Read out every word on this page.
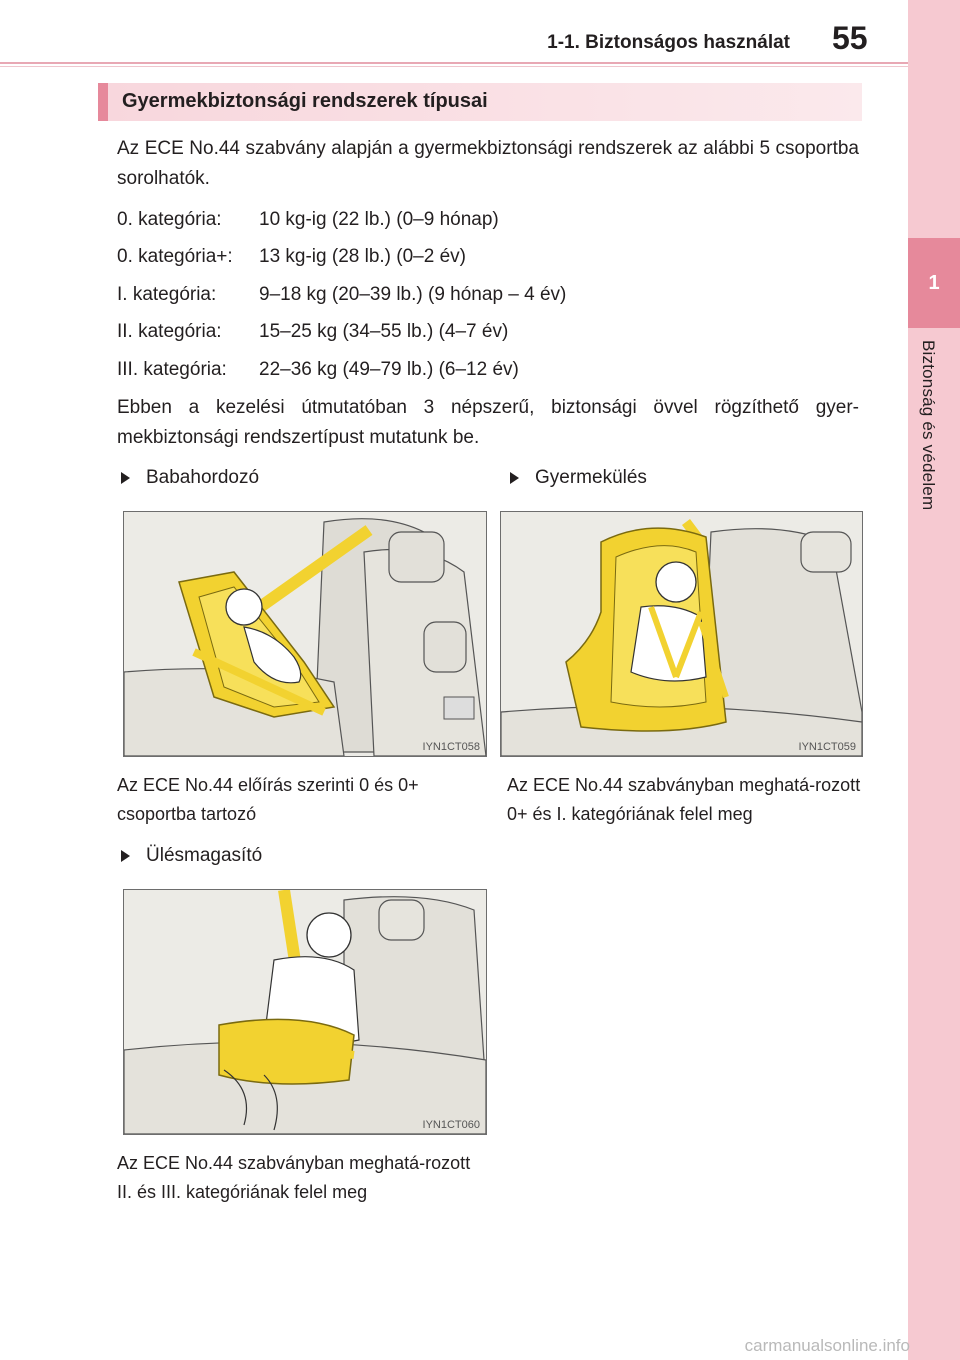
1-1. Biztonságos használat 55
1
Biztonság és védelem
Gyermekbiztonsági rendszerek típusai
Az ECE No.44 szabvány alapján a gyermekbiztonsági rendszerek az alábbi 5 csoportba sorolhatók.
0. kategória:	10 kg-ig (22 lb.) (0–9 hónap)
0. kategória+:	13 kg-ig (28 lb.) (0–2 év)
I. kategória:	9–18 kg (20–39 lb.) (9 hónap – 4 év)
II. kategória:	15–25 kg (34–55 lb.) (4–7 év)
III. kategória:	22–36 kg (49–79 lb.) (6–12 év)
Ebben a kezelési útmutatóban 3 népszerű, biztonsági övvel rögzíthető gyer-mekbiztonsági rendszertípust mutatunk be.
Babahordozó
IYN1CT058
Az ECE No.44 előírás szerinti 0 és 0+ csoportba tartozó
Gyermekülés
IYN1CT059
Az ECE No.44 szabványban meghatá-rozott 0+ és I. kategóriának felel meg
Ülésmagasító
IYN1CT060
Az ECE No.44 szabványban meghatá-rozott II. és III. kategóriának felel meg
carmanualsonline.info
